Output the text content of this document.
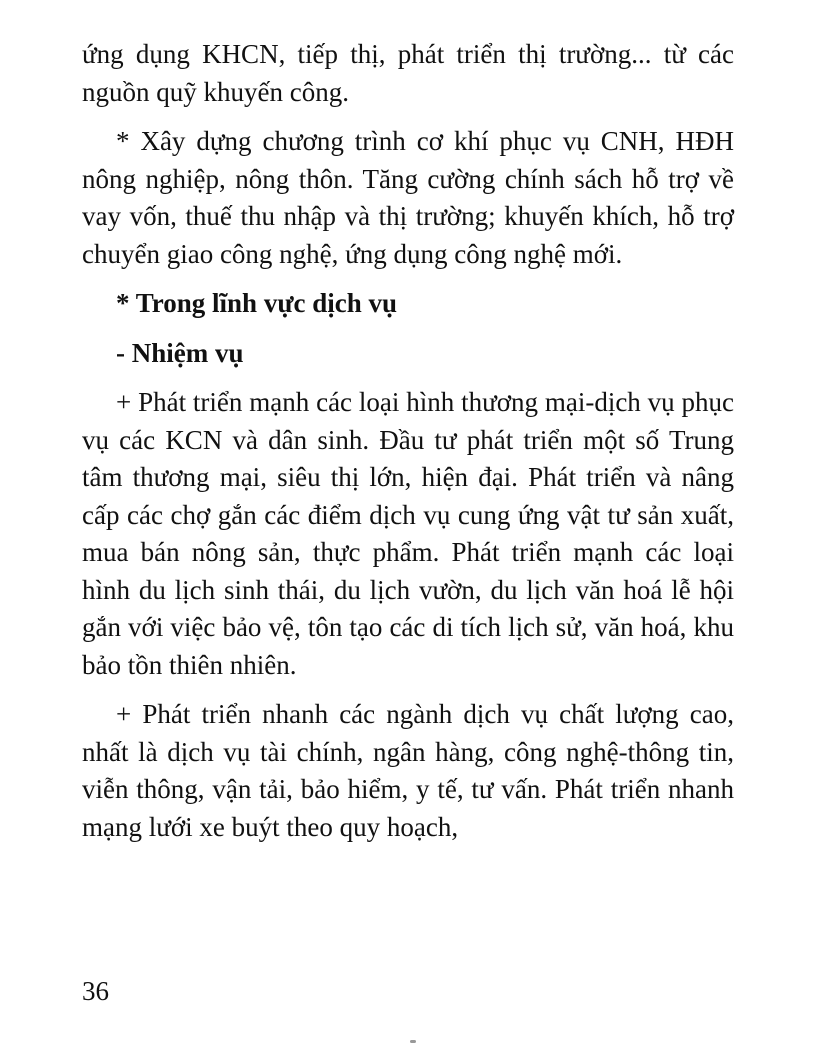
ứng dụng KHCN, tiếp thị, phát triển thị trường... từ các nguồn quỹ khuyến công.

* Xây dựng chương trình cơ khí phục vụ CNH, HĐH nông nghiệp, nông thôn. Tăng cường chính sách hỗ trợ về vay vốn, thuế thu nhập và thị trường; khuyến khích, hỗ trợ chuyển giao công nghệ, ứng dụng công nghệ mới.

* Trong lĩnh vực dịch vụ

- Nhiệm vụ

+ Phát triển mạnh các loại hình thương mại-dịch vụ phục vụ các KCN và dân sinh. Đầu tư phát triển một số Trung tâm thương mại, siêu thị lớn, hiện đại. Phát triển và nâng cấp các chợ gắn các điểm dịch vụ cung ứng vật tư sản xuất, mua bán nông sản, thực phẩm. Phát triển mạnh các loại hình du lịch sinh thái, du lịch vườn, du lịch văn hoá lễ hội gắn với việc bảo vệ, tôn tạo các di tích lịch sử, văn hoá, khu bảo tồn thiên nhiên.

+ Phát triển nhanh các ngành dịch vụ chất lượng cao, nhất là dịch vụ tài chính, ngân hàng, công nghệ-thông tin, viễn thông, vận tải, bảo hiểm, y tế, tư vấn. Phát triển nhanh mạng lưới xe buýt theo quy hoạch,

36
